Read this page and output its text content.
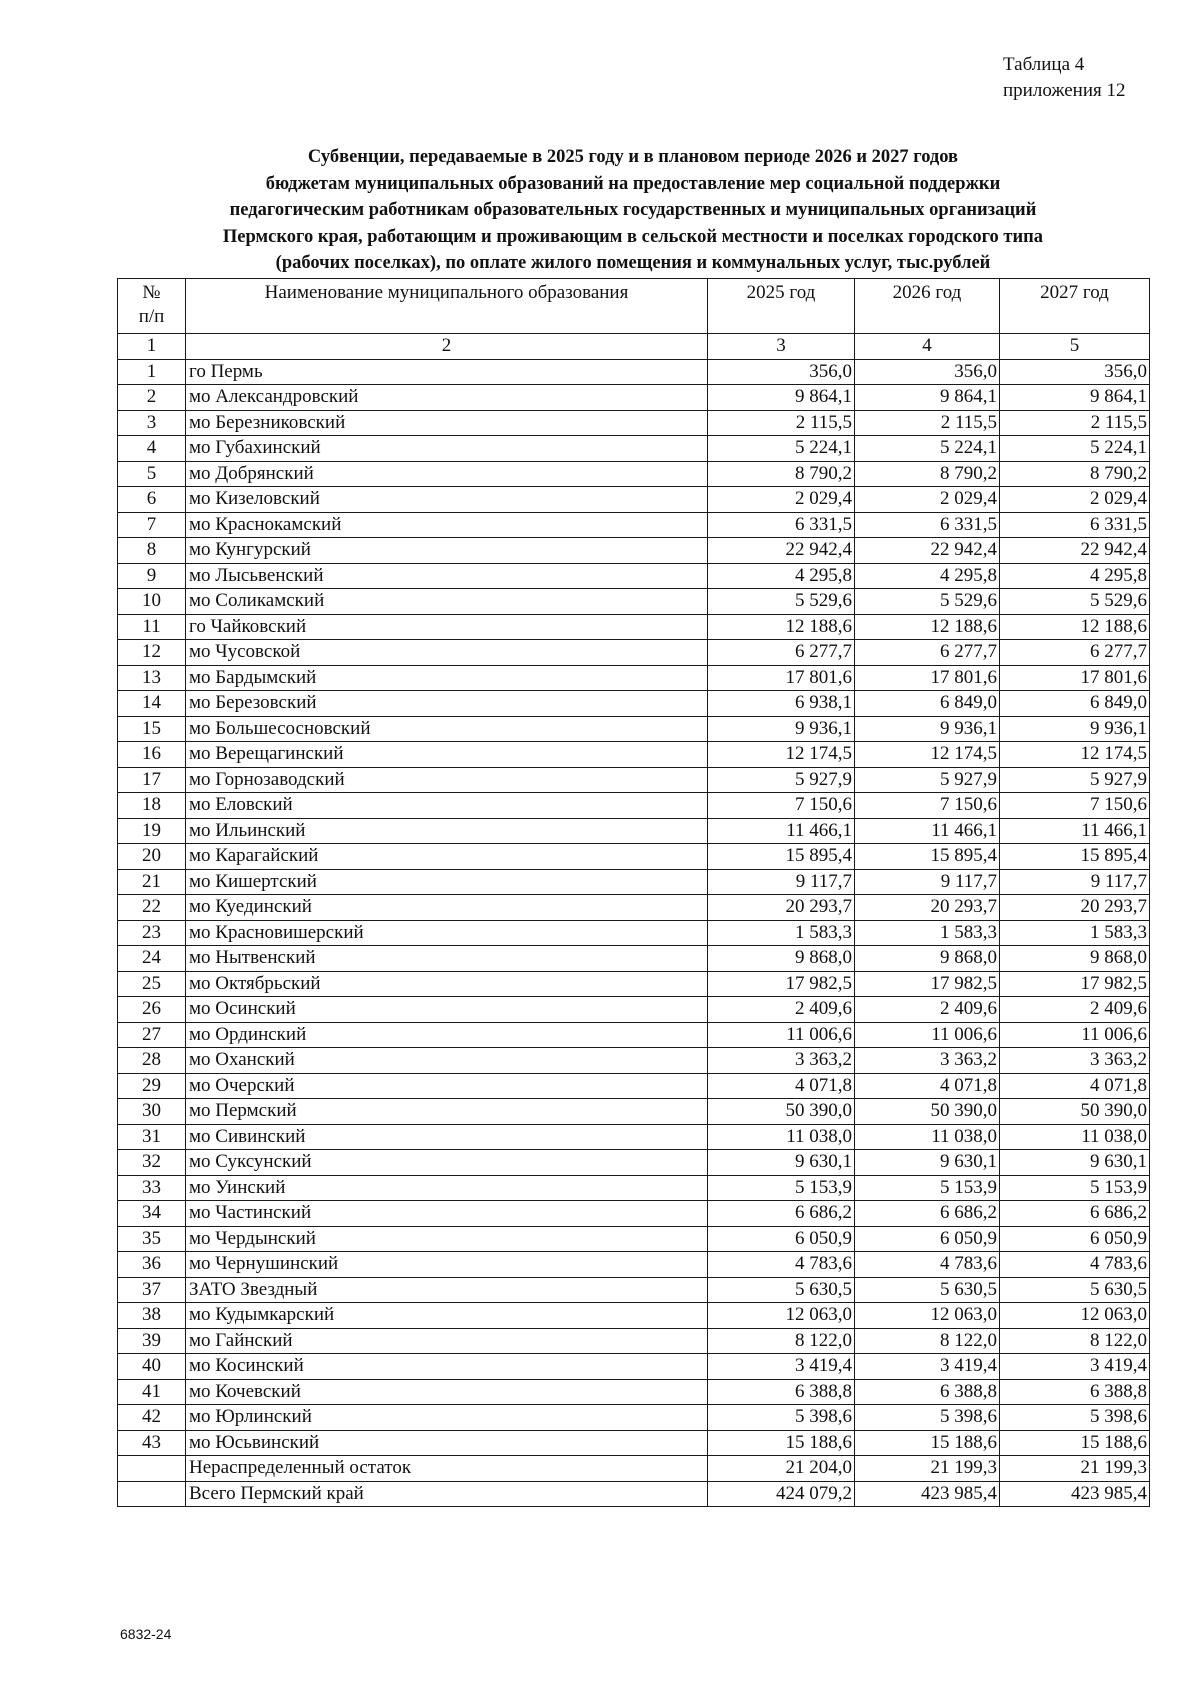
Таблица 4
приложения 12
Субвенции, передаваемые в 2025 году и в плановом периоде 2026 и 2027 годов
бюджетам муниципальных образований на предоставление мер социальной поддержки
педагогическим работникам образовательных государственных и муниципальных организаций
Пермского края, работающим и проживающим в сельской местности и поселках городского типа
(рабочих поселках), по оплате жилого помещения и коммунальных услуг, тыс.рублей
№
п/п	Наименование муниципального образования	2025 год	2026 год	2027 год
1	2	3	4	5
1	го Пермь	356,0	356,0	356,0
2	мо Александровский	9 864,1	9 864,1	9 864,1
3	мо Березниковский	2 115,5	2 115,5	2 115,5
4	мо Губахинский	5 224,1	5 224,1	5 224,1
5	мо Добрянский	8 790,2	8 790,2	8 790,2
6	мо Кизеловский	2 029,4	2 029,4	2 029,4
7	мо Краснокамский	6 331,5	6 331,5	6 331,5
8	мо Кунгурский	22 942,4	22 942,4	22 942,4
9	мо Лысьвенский	4 295,8	4 295,8	4 295,8
10	мо Соликамский	5 529,6	5 529,6	5 529,6
11	го Чайковский	12 188,6	12 188,6	12 188,6
12	мо Чусовской	6 277,7	6 277,7	6 277,7
13	мо Бардымский	17 801,6	17 801,6	17 801,6
14	мо Березовский	6 938,1	6 849,0	6 849,0
15	мо Большесосновский	9 936,1	9 936,1	9 936,1
16	мо Верещагинский	12 174,5	12 174,5	12 174,5
17	мо Горнозаводский	5 927,9	5 927,9	5 927,9
18	мо Еловский	7 150,6	7 150,6	7 150,6
19	мо Ильинский	11 466,1	11 466,1	11 466,1
20	мо Карагайский	15 895,4	15 895,4	15 895,4
21	мо Кишертский	9 117,7	9 117,7	9 117,7
22	мо Куединский	20 293,7	20 293,7	20 293,7
23	мо Красновишерский	1 583,3	1 583,3	1 583,3
24	мо Нытвенский	9 868,0	9 868,0	9 868,0
25	мо Октябрьский	17 982,5	17 982,5	17 982,5
26	мо Осинский	2 409,6	2 409,6	2 409,6
27	мо Ординский	11 006,6	11 006,6	11 006,6
28	мо Оханский	3 363,2	3 363,2	3 363,2
29	мо Очерский	4 071,8	4 071,8	4 071,8
30	мо Пермский	50 390,0	50 390,0	50 390,0
31	мо Сивинский	11 038,0	11 038,0	11 038,0
32	мо Суксунский	9 630,1	9 630,1	9 630,1
33	мо Уинский	5 153,9	5 153,9	5 153,9
34	мо Частинский	6 686,2	6 686,2	6 686,2
35	мо Чердынский	6 050,9	6 050,9	6 050,9
36	мо Чернушинский	4 783,6	4 783,6	4 783,6
37	ЗАТО Звездный	5 630,5	5 630,5	5 630,5
38	мо Кудымкарский	12 063,0	12 063,0	12 063,0
39	мо Гайнский	8 122,0	8 122,0	8 122,0
40	мо Косинский	3 419,4	3 419,4	3 419,4
41	мо Кочевский	6 388,8	6 388,8	6 388,8
42	мо Юрлинский	5 398,6	5 398,6	5 398,6
43	мо Юсьвинский	15 188,6	15 188,6	15 188,6
	Нераспределенный остаток	21 204,0	21 199,3	21 199,3
	Всего Пермский край	424 079,2	423 985,4	423 985,4
6832-24
